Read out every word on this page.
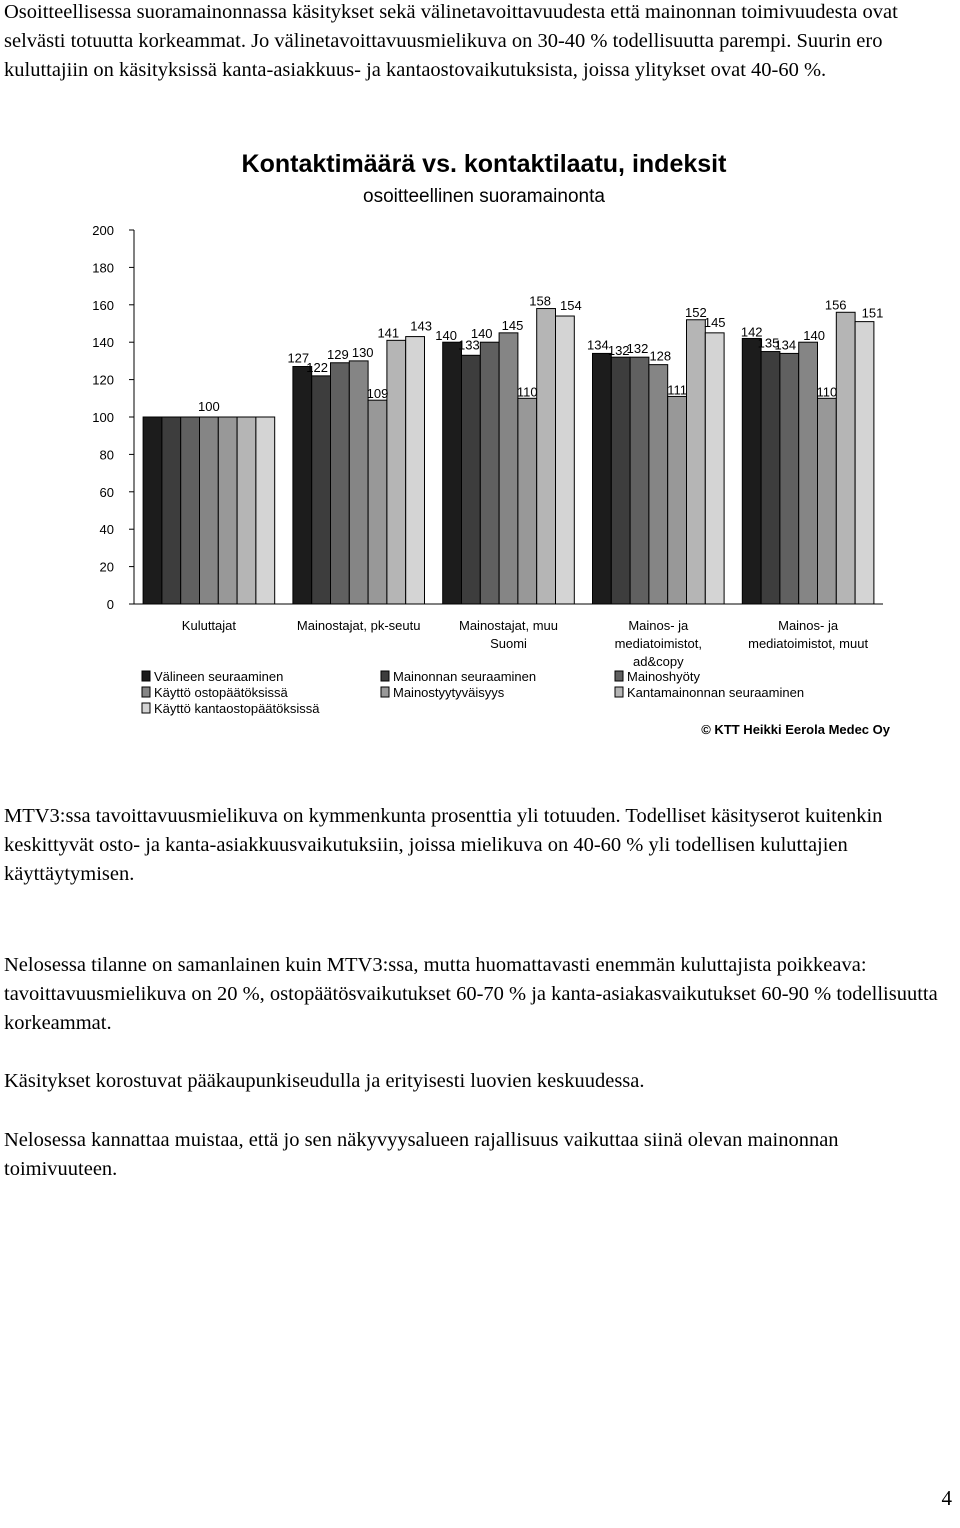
Osoitteellisessa suoramainonnassa käsitykset sekä välinetavoittavuudesta että mainonnan toimivuudesta ovat selvästi totuutta korkeammat. Jo välinetavoittavuusmielikuva on 30-40 % todellisuutta parempi. Suurin ero kuluttajiin on käsityksissä kanta-asiakkuus- ja kantaostovaikutuksista, joissa ylitykset ovat 40-60 %.

Kontaktimäärä vs. kontaktilaatu, indeksit
osoitteellinen suoramainonta
0
20
40
60
80
100
120
140
160
180
200
100
127
122
129 130
109
141 143
140
133
140
145
110
158 154
134 132
132 128
111
152
145
142
135
134
140
110
156
151
Kuluttajat	Mainostajat, pk-seutu	Mainostajat, muu Suomi
Mainos- ja mediatoimistot, ad&copy
Mainos- ja mediatoimistot, muut
Välineen seuraaminen	Mainonnan seuraaminen	Mainoshyöty
Käyttö ostopäätöksissä	Mainostyytyväisyys	Kantamainonnan seuraaminen
Käyttö kantaostopäätöksissä
© KTT Heikki Eerola Medec Oy

MTV3:ssa tavoittavuusmielikuva on kymmenkunta prosenttia yli totuuden. Todelliset käsityserot kuitenkin keskittyvät osto- ja kanta-asiakkuusvaikutuksiin, joissa mielikuva on 40-60 % yli todellisen kuluttajien käyttäytymisen.

Nelosessa tilanne on samanlainen kuin MTV3:ssa, mutta huomattavasti enemmän kuluttajista poikkeava: tavoittavuusmielikuva on 20 %, ostopäätösvaikutukset 60-70 % ja kanta-asiakasvaikutukset 60-90 % todellisuutta korkeammat.

Käsitykset korostuvat pääkaupunkiseudulla ja erityisesti luovien keskuudessa.

Nelosessa kannattaa muistaa, että jo sen näkyvyysalueen rajallisuus vaikuttaa siinä olevan mainonnan toimivuuteen.

4
